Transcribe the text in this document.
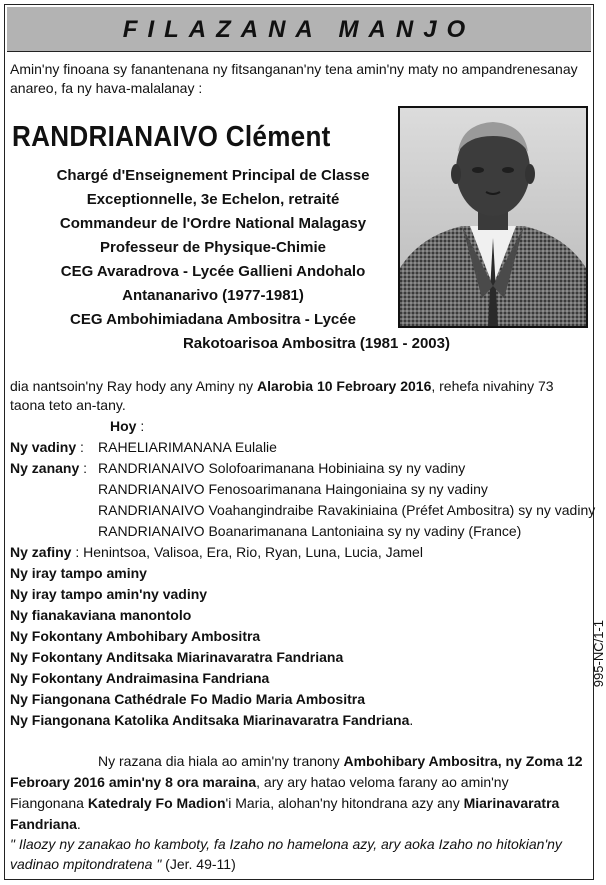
FILAZANA MANJO
Amin'ny finoana sy fanantenana ny fitsanganan'ny tena amin'ny maty no ampandrenesanay anareo, fa ny hava-malalanay :
RANDRIANAIVO Clément
Chargé d'Enseignement Principal de Classe
Exceptionnelle, 3e Echelon, retraité
Commandeur de l'Ordre National Malagasy
Professeur de Physique-Chimie
CEG Avaradrova - Lycée Gallieni Andohalo
Antananarivo (1977-1981)
CEG Ambohimiadana Ambositra - Lycée
Rakotoarisoa Ambositra (1981 - 2003)
dia nantsoin'ny Ray hody any Aminy ny Alarobia 10 Febroary 2016, rehefa nivahiny 73 taona teto an-tany.
Hoy :
Ny vadiny : RAHELIARIMANANA Eulalie
Ny zanany : RANDRIANAIVO Solofoarimanana Hobiniaina sy ny vadiny
RANDRIANAIVO Fenosoarimanana Haingoniaina sy ny vadiny
RANDRIANAIVO Voahangindraibe Ravakiniaina (Préfet Ambositra) sy ny vadiny
RANDRIANAIVO Boanarimanana Lantoniaina sy ny vadiny (France)
Ny zafiny : Henintsoa, Valisoa, Era, Rio, Ryan, Luna, Lucia, Jamel
Ny iray tampo aminy
Ny iray tampo amin'ny vadiny
Ny fianakaviana manontolo
Ny Fokontany Ambohibary Ambositra
Ny Fokontany Anditsaka Miarinavaratra Fandriana
Ny Fokontany Andraimasina Fandriana
Ny Fiangonana Cathédrale Fo Madio Maria Ambositra
Ny Fiangonana Katolika Anditsaka Miarinavaratra Fandriana.
995-NC/1-1
Ny razana dia hiala ao amin'ny tranony Ambohibary Ambositra, ny Zoma 12 Febroary 2016 amin'ny 8 ora maraina, ary ary hatao veloma farany ao amin'ny Fiangonana Katedraly Fo Madion'i Maria, alohan'ny hitondrana azy any Miarinavaratra Fandriana.
" Ilaozy ny zanakao ho kamboty, fa Izaho no hamelona azy, ary aoka Izaho no hitokian'ny vadinao mpitondratena " (Jer. 49-11)
